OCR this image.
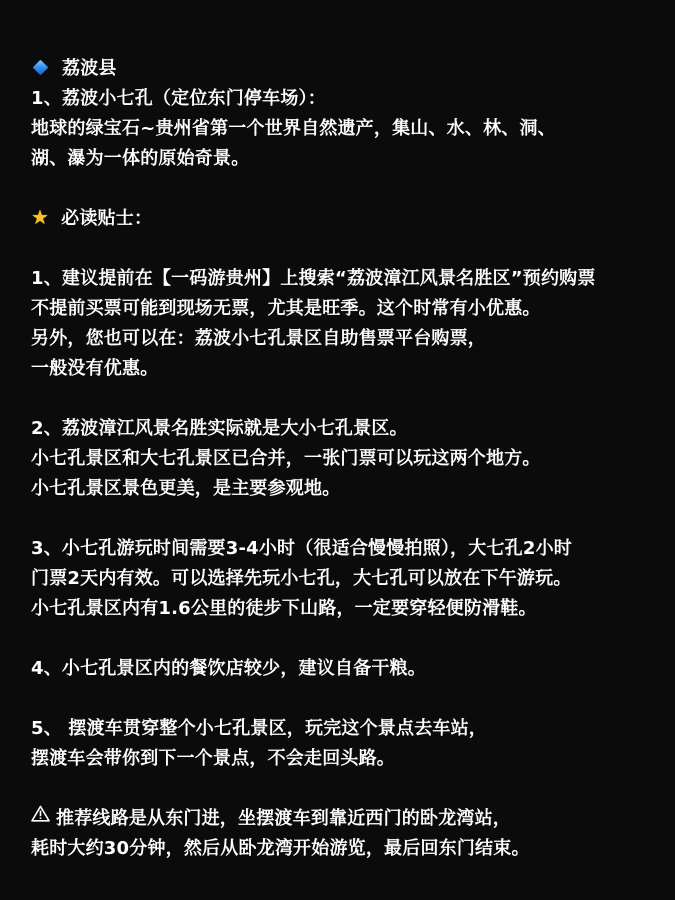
荔波县
1、荔波小七孔（定位东门停车场）：
地球的绿宝石~贵州省第一个世界自然遗产，集山、水、林、洞、
湖、瀑为一体的原始奇景。
★ 必读贴士：
1、建议提前在【一码游贵州】上搜索“荔波漳江风景名胜区”预约购票
不提前买票可能到现场无票，尤其是旺季。这个时常有小优惠。
另外，您也可以在：荔波小七孔景区自助售票平台购票，
一般没有优惠。
2、荔波漳江风景名胜实际就是大小七孔景区。
小七孔景区和大七孔景区已合并，一张门票可以玩这两个地方。
小七孔景区景色更美，是主要参观地。
3、小七孔游玩时间需要3-4小时（很适合慢慢拍照），大七孔2小时
门票2天内有效。可以选择先玩小七孔，大七孔可以放在下午游玩。
小七孔景区内有1.6公里的徒步下山路，一定要穿轻便防滑鞋。
4、小七孔景区内的餐饮店较少，建议自备干粮。
5、 摆渡车贯穿整个小七孔景区，玩完这个景点去车站，
摆渡车会带你到下一个景点，不会走回头路。
推荐线路是从东门进，坐摆渡车到靠近西门的卧龙湾站，
耗时大约30分钟，然后从卧龙湾开始游览，最后回东门结束。
